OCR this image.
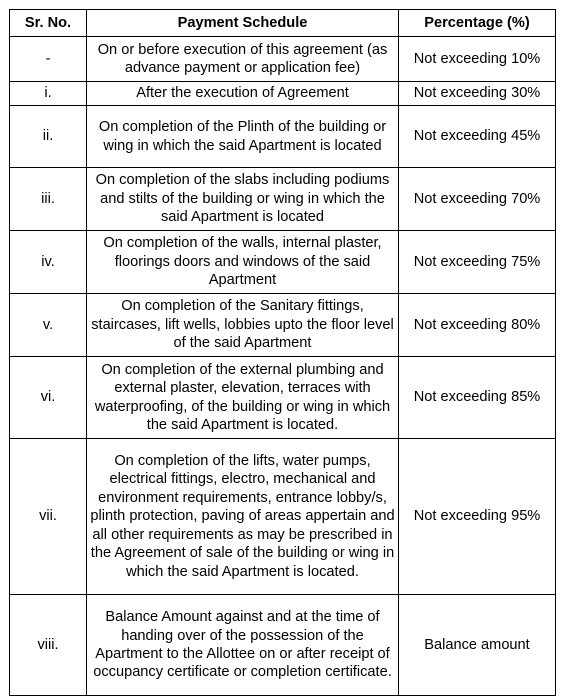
Sr. No.	Payment Schedule	Percentage (%)
-	On or before execution of this agreement (as advance payment or application fee)	Not exceeding 10%
i.	After the execution of Agreement	Not exceeding 30%
ii.	On completion of the Plinth of the building or wing in which the said Apartment is located	Not exceeding 45%
iii.	On completion of the slabs including podiums and stilts of the building or wing in which the said Apartment is located	Not exceeding 70%
iv.	On completion of the walls, internal plaster, floorings doors and windows of the said Apartment	Not exceeding 75%
v.	On completion of the Sanitary fittings, staircases, lift wells, lobbies upto the floor level of the said Apartment	Not exceeding 80%
vi.	On completion of the external plumbing and external plaster, elevation, terraces with waterproofing, of the building or wing in which the said Apartment is located.	Not exceeding 85%
vii.	On completion of the lifts, water pumps, electrical fittings, electro, mechanical and environment requirements, entrance lobby/s, plinth protection, paving of areas appertain and all other requirements as may be prescribed in the Agreement of sale of the building or wing in which the said Apartment is located.	Not exceeding 95%
viii.	Balance Amount against and at the time of handing over of the possession of the Apartment to the Allottee on or after receipt of occupancy certificate or completion certificate.	Balance amount
